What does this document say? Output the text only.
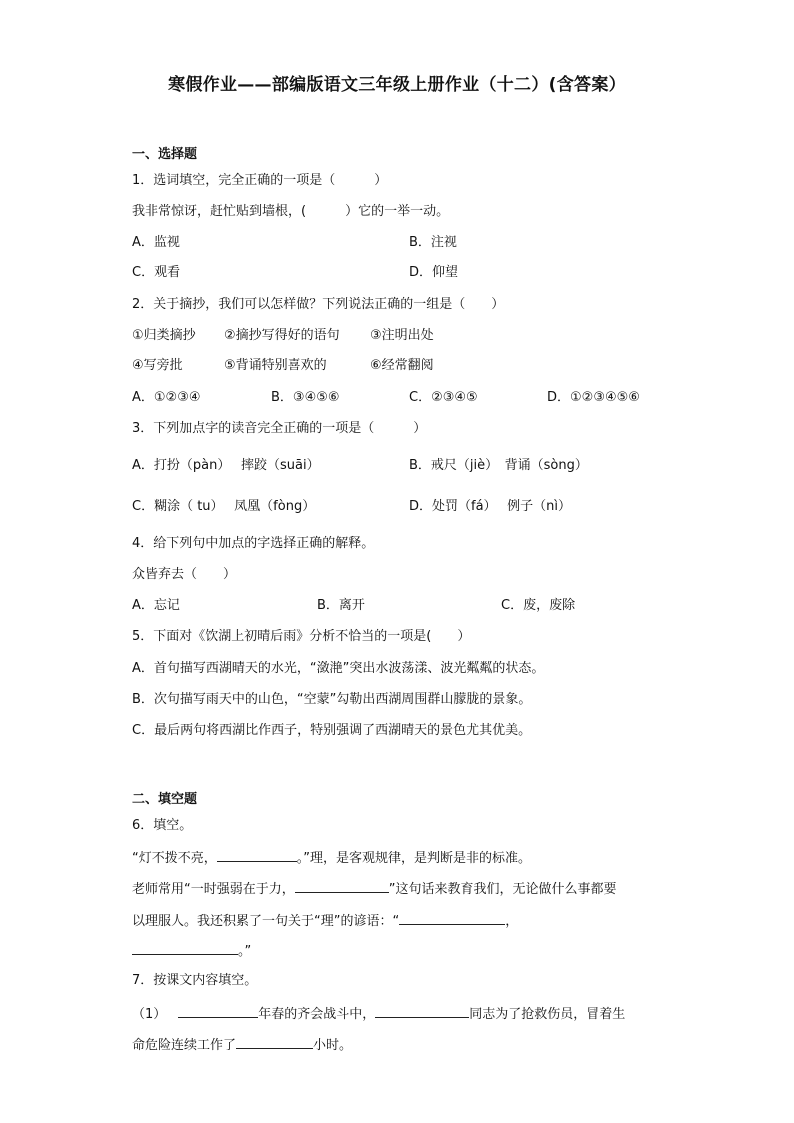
寒假作业——部编版语文三年级上册作业（十二）(含答案）
一、选择题
1．选词填空，完全正确的一项是（　　　）
我非常惊讶，赶忙贴到墙根，(　　　）它的一举一动。
A．监视	B．注视
C．观看	D．仰望
2．关于摘抄，我们可以怎样做？下列说法正确的一组是（　　）
①归类摘抄 ②摘抄写得好的语句 ③注明出处
④写旁批	⑤背诵特别喜欢的	⑥经常翻阅
A．①②③④	B．③④⑤⑥	C．②③④⑤	D．①②③④⑤⑥
3．下列加点字的读音完全正确的一项是（　　　）
A．打扮（pàn）　 摔跤（suāi）	B．戒尺（jiè）　背诵（sòng）
C．糊涂（ tu）　 凤凰（fòng）	D．处罚（fá）　 例子（nì）
4．给下列句中加点的字选择正确的解释。
众皆弃去（　　）
A．忘记	B．离开	C．废，废除
5．下面对《饮湖上初晴后雨》分析不恰当的一项是(　　）
A．首句描写西湖晴天的水光，“潋滟”突出水波荡漾、波光粼粼的状态。
B．次句描写雨天中的山色，“空蒙”勾勒出西湖周围群山朦胧的景象。
C．最后两句将西湖比作西子，特别强调了西湖晴天的景色尤其优美。
二、填空题
6．填空。
“灯不拨不亮，	。”理，是客观规律，是判断是非的标准。
老师常用“一时强弱在于力，	”这句话来教育我们，无论做什么事都要
以理服人。我还积累了一句关于“理”的谚语：“	，
。”
7．按课文内容填空。
（1）	年春的齐会战斗中，	同志为了抢救伤员，冒着生
命危险连续工作了	小时。
